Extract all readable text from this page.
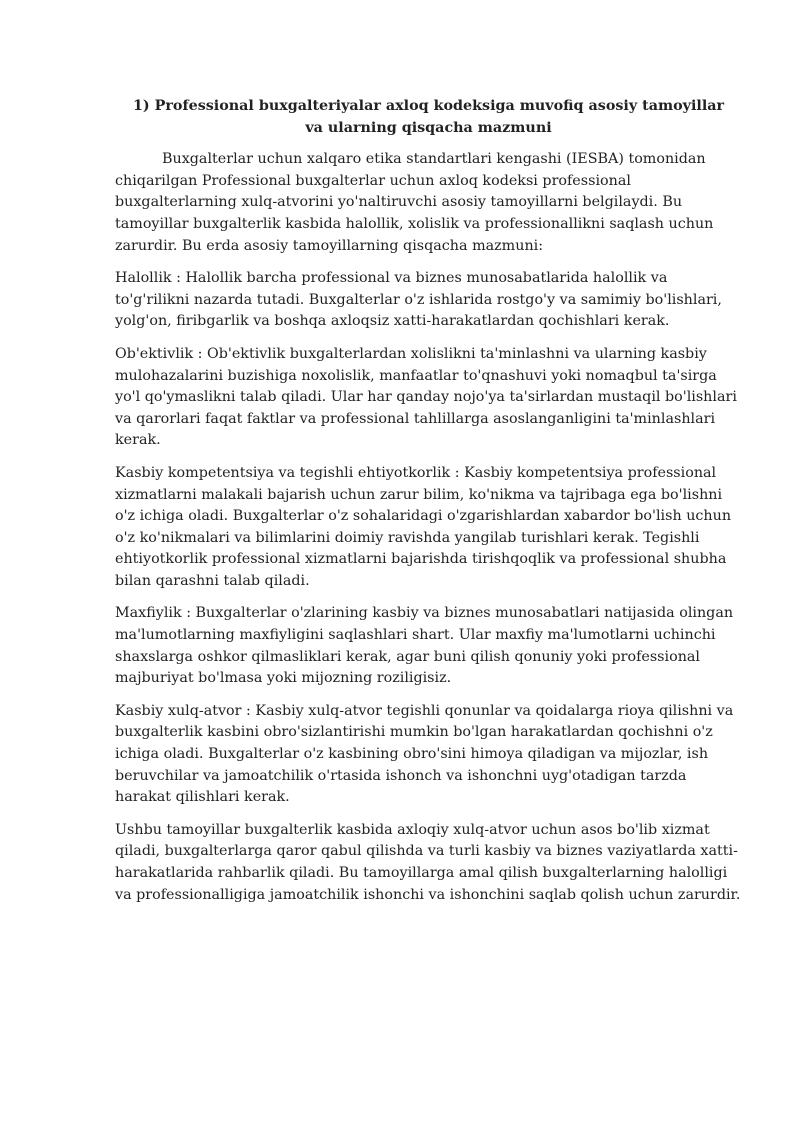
1) Professional buxgalteriyalar axloq kodeksiga muvofiq asosiy tamoyillar va ularning qisqacha mazmuni

Buxgalterlar uchun xalqaro etika standartlari kengashi (IESBA) tomonidan chiqarilgan Professional buxgalterlar uchun axloq kodeksi professional buxgalterlarning xulq-atvorini yo'naltiruvchi asosiy tamoyillarni belgilaydi. Bu tamoyillar buxgalterlik kasbida halollik, xolislik va professionallikni saqlash uchun zarurdir. Bu erda asosiy tamoyillarning qisqacha mazmuni:

Halollik : Halollik barcha professional va biznes munosabatlarida halollik va to'g'rilikni nazarda tutadi. Buxgalterlar o'z ishlarida rostgo'y va samimiy bo'lishlari, yolg'on, firibgarlik va boshqa axloqsiz xatti-harakatlardan qochishlari kerak.

Ob'ektivlik : Ob'ektivlik buxgalterlardan xolislikni ta'minlashni va ularning kasbiy mulohazalarini buzishiga noxolislik, manfaatlar to'qnashuvi yoki nomaqbul ta'sirga yo'l qo'ymaslikni talab qiladi. Ular har qanday nojo'ya ta'sirlardan mustaqil bo'lishlari va qarorlari faqat faktlar va professional tahlillarga asoslanganligini ta'minlashlari kerak.

Kasbiy kompetentsiya va tegishli ehtiyotkorlik : Kasbiy kompetentsiya professional xizmatlarni malakali bajarish uchun zarur bilim, ko'nikma va tajribaga ega bo'lishni o'z ichiga oladi. Buxgalterlar o'z sohalaridagi o'zgarishlardan xabardor bo'lish uchun o'z ko'nikmalari va bilimlarini doimiy ravishda yangilab turishlari kerak. Tegishli ehtiyotkorlik professional xizmatlarni bajarishda tirishqoqlik va professional shubha bilan qarashni talab qiladi.

Maxfiylik : Buxgalterlar o'zlarining kasbiy va biznes munosabatlari natijasida olingan ma'lumotlarning maxfiyligini saqlashlari shart. Ular maxfiy ma'lumotlarni uchinchi shaxslarga oshkor qilmasliklari kerak, agar buni qilish qonuniy yoki professional majburiyat bo'lmasa yoki mijozning roziligisiz.

Kasbiy xulq-atvor : Kasbiy xulq-atvor tegishli qonunlar va qoidalarga rioya qilishni va buxgalterlik kasbini obro'sizlantirishi mumkin bo'lgan harakatlardan qochishni o'z ichiga oladi. Buxgalterlar o'z kasbining obro'sini himoya qiladigan va mijozlar, ish beruvchilar va jamoatchilik o'rtasida ishonch va ishonchni uyg'otadigan tarzda harakat qilishlari kerak.

Ushbu tamoyillar buxgalterlik kasbida axloqiy xulq-atvor uchun asos bo'lib xizmat qiladi, buxgalterlarga qaror qabul qilishda va turli kasbiy va biznes vaziyatlarda xatti-harakatlarida rahbarlik qiladi. Bu tamoyillarga amal qilish buxgalterlarning halolligi va professionalligiga jamoatchilik ishonchi va ishonchini saqlab qolish uchun zarurdir.
